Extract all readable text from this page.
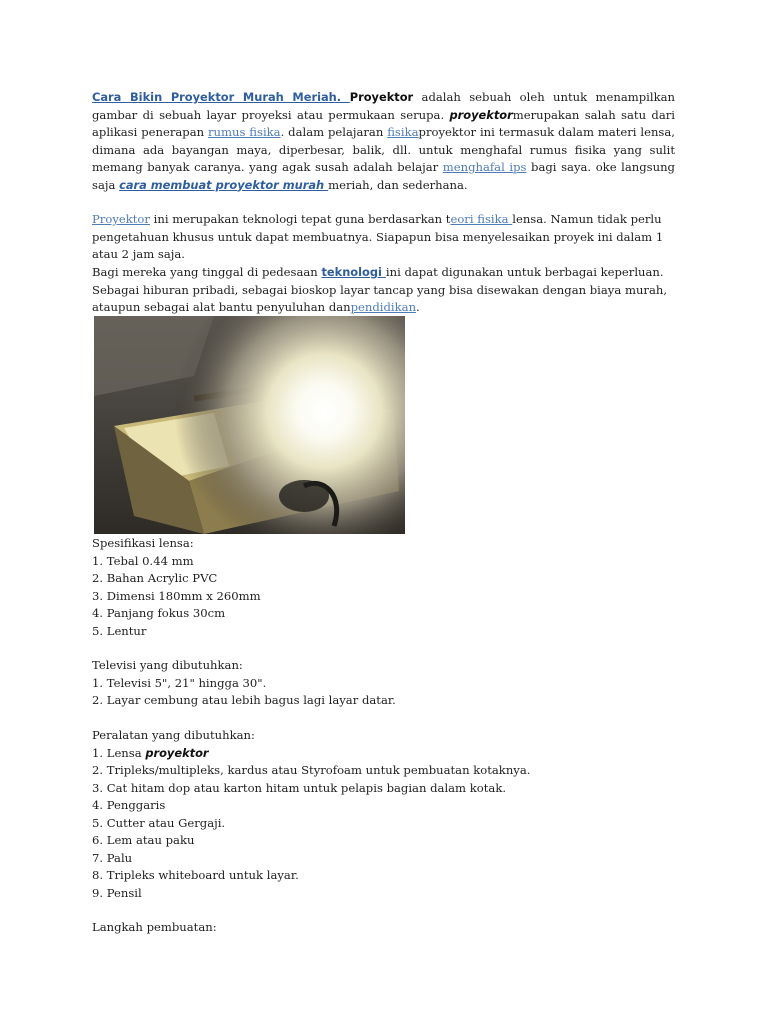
Cara Bikin Proyektor Murah Meriah. Proyektor adalah sebuah oleh untuk menampilkan gambar di sebuah layar proyeksi atau permukaan serupa. proyektormerupakan salah satu dari aplikasi penerapan rumus fisika. dalam pelajaran fisikaproyektor ini termasuk dalam materi lensa, dimana ada bayangan maya, diperbesar, balik, dll. untuk menghafal rumus fisika yang sulit memang banyak caranya. yang agak susah adalah belajar menghafal ips bagi saya. oke langsung saja cara membuat proyektor murah meriah, dan sederhana.
Proyektor ini merupakan teknologi tepat guna berdasarkan teori fisika lensa. Namun tidak perlu pengetahuan khusus untuk dapat membuatnya. Siapapun bisa menyelesaikan proyek ini dalam 1 atau 2 jam saja.
Bagi mereka yang tinggal di pedesaan teknologi ini dapat digunakan untuk berbagai keperluan. Sebagai hiburan pribadi, sebagai bioskop layar tancap yang bisa disewakan dengan biaya murah, ataupun sebagai alat bantu penyuluhan danpendidikan.
Spesifikasi lensa:
1. Tebal 0.44 mm
2. Bahan Acrylic PVC
3. Dimensi 180mm x 260mm
4. Panjang fokus 30cm
5. Lentur
Televisi yang dibutuhkan:
1. Televisi 5", 21" hingga 30".
2. Layar cembung atau lebih bagus lagi layar datar.
Peralatan yang dibutuhkan:
1. Lensa proyektor
2. Tripleks/multipleks, kardus atau Styrofoam untuk pembuatan kotaknya.
3. Cat hitam dop atau karton hitam untuk pelapis bagian dalam kotak.
4. Penggaris
5. Cutter atau Gergaji.
6. Lem atau paku
7. Palu
8. Tripleks whiteboard untuk layar.
9. Pensil
Langkah pembuatan:
